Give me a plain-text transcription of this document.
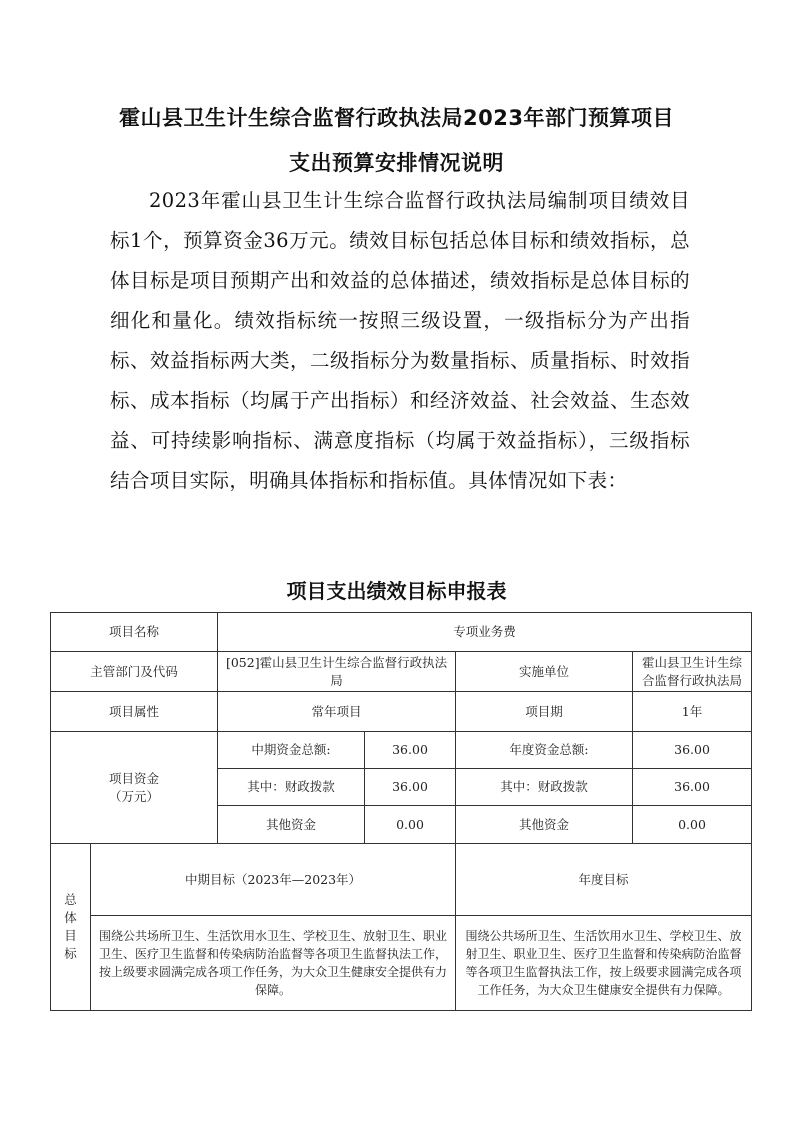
霍山县卫生计生综合监督行政执法局2023年部门预算项目
支出预算安排情况说明

2023年霍山县卫生计生综合监督行政执法局编制项目绩效目标1个，预算资金36万元。绩效目标包括总体目标和绩效指标，总体目标是项目预期产出和效益的总体描述，绩效指标是总体目标的细化和量化。绩效指标统一按照三级设置，一级指标分为产出指标、效益指标两大类，二级指标分为数量指标、质量指标、时效指标、成本指标（均属于产出指标）和经济效益、社会效益、生态效益、可持续影响指标、满意度指标（均属于效益指标），三级指标结合项目实际，明确具体指标和指标值。具体情况如下表：

项目支出绩效目标申报表
项目名称		专项业务费			
主管部门及代码		[052]霍山县卫生计生综合监督行政执法局		实施单位	霍山县卫生计生综
合监督行政执法局

项目属性		常年项目		项目期	1年

项目资金
（万元）		中期资金总额:	36.00	年度资金总额:	36.00
		其中：财政拨款	36.00	其中：财政拨款	36.00
		其他资金	0.00	其他资金	0.00

总
体
目
标	中期目标（2023年—2023年）			年度目标	
	围绕公共场所卫生、生活饮用水卫生、学校卫生、放射卫生、职业卫生、医疗卫生监督和传染病防治监督等各项卫生监督执法工作，按上级要求圆满完成各项工作任务，为大众卫生健康安全提供有力保障。			围绕公共场所卫生、生活饮用水卫生、学校卫生、放射卫生、职业卫生、医疗卫生监督和传染病防治监督等各项卫生监督执法工作，按上级要求圆满完成各项工作任务，为大众卫生健康安全提供有力保障。	
